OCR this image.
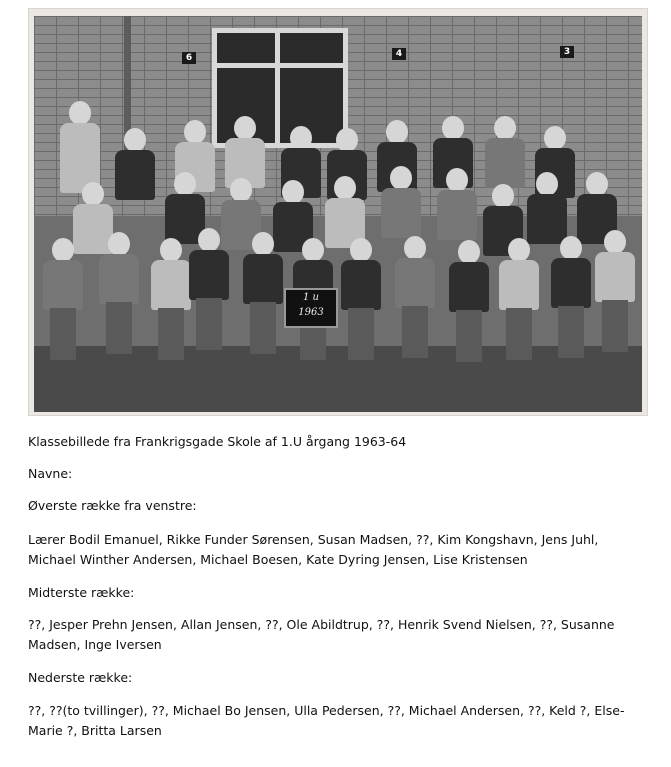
6	4	3
1 u
1963
Klassebillede fra Frankrigsgade Skole af 1.U årgang 1963-64
Navne:
Øverste række fra venstre:
Lærer Bodil Emanuel, Rikke Funder Sørensen, Susan Madsen, ??, Kim Kongshavn, Jens Juhl, Michael Winther Andersen, Michael Boesen, Kate Dyring Jensen, Lise Kristensen
Midterste række:
??, Jesper Prehn Jensen, Allan Jensen, ??, Ole Abildtrup, ??, Henrik Svend Nielsen, ??, Susanne Madsen, Inge Iversen
Nederste række:
??, ??(to tvillinger), ??, Michael Bo Jensen, Ulla Pedersen, ??, Michael Andersen, ??, Keld ?, Else-Marie ?, Britta Larsen
